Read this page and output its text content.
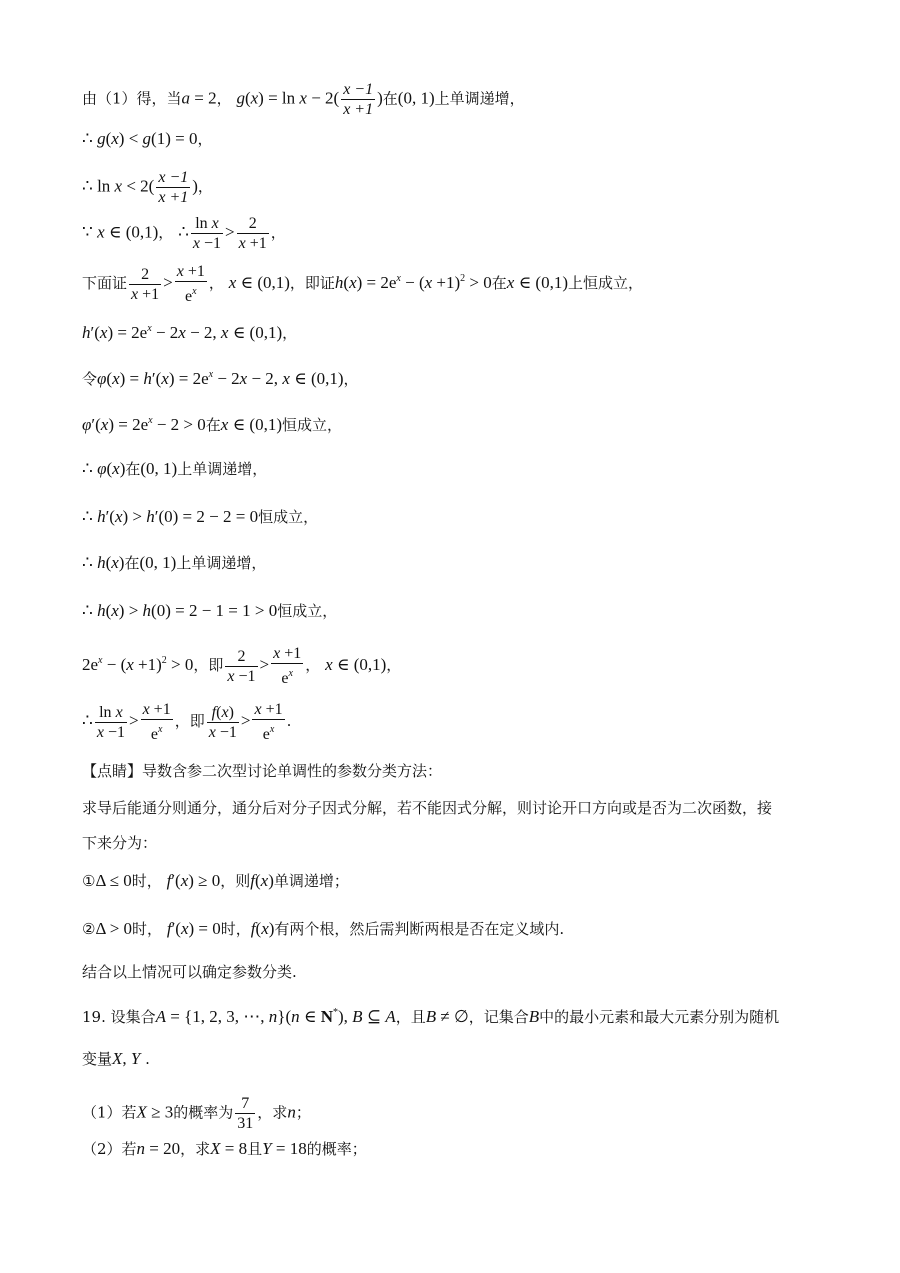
由（1）得，当a = 2， $g(x) = \ln x - 2( \frac{x -1}{x +1}$ )在(0, 1)上单调递增，
∴ g(x) < g(1) = 0，
∴ $\ln x < 2( \frac{x -1}{x +1}$ )，
∵ x ∈ (0,1)， ∴ $\frac{\text{ln x}}{x -1} > \frac{2}{x +1}$ ，
下面证 $\frac{2}{x +1} > \frac{x +1}{e^x}$ ， x ∈ (0,1)，即证$h(x) = 2e^x - (x +1)^2 > 0$在x ∈ (0,1)上恒成立，
$h'(x) = 2e^x - 2x - 2$, x ∈ (0,1)，
令$\varphi(x) = h'(x) = 2e^x - 2x - 2$, x ∈ (0,1)，
$\varphi'(x) = 2e^x - 2 > 0$在x ∈ (0,1)恒成立，
∴ φ(x)在(0, 1)上单调递增，
∴ h′(x) > h′(0) = 2 − 2 = 0恒成立，
∴ h(x)在(0, 1)上单调递增，
∴ h(x) > h(0) = 2 − 1 = 1 > 0恒成立，
$2e^x - (x +1)^2 > 0$，即 $\frac{2}{x -1} > \frac{x +1}{e^x}$ ， x ∈ (0,1)，
∴ $\frac{\text{ln x}}{x -1} > \frac{x +1}{e^x}$ ，即 $\frac{f(x)}{x -1} > \frac{x +1}{e^x}$ .
【点睛】导数含参二次型讨论单调性的参数分类方法：
求导后能通分则通分，通分后对分子因式分解，若不能因式分解，则讨论开口方向或是否为二次函数，接
下来分为：
①Δ ≤ 0时， f′(x) ≥ 0，则f(x)单调递增；
②Δ > 0时， f′(x) = 0时，f(x)有两个根，然后需判断两根是否在定义域内.
结合以上情况可以确定参数分类.
19. 设集合A = {1, 2, 3, ⋯, n}(n ∈ N*), B ⊆ A，且B ≠ ∅，记集合B中的最小元素和最大元素分别为随机
变量X, Y .
（1）若X ≥ 3的概率为 $\frac{7}{31}$ ，求n；
（2）若n = 20，求X = 8且Y = 18的概率；
